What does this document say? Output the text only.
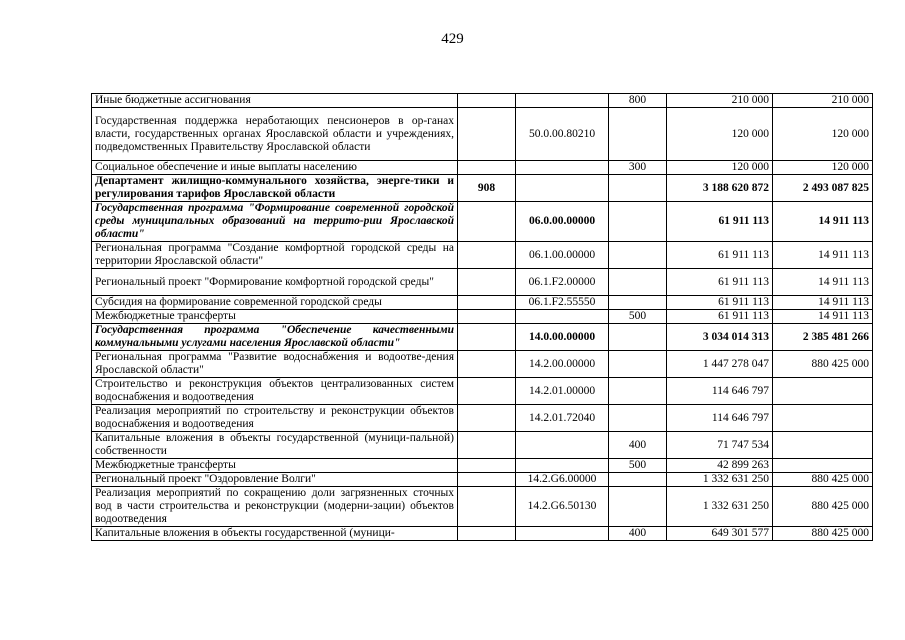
429
Иные бюджетные ассигнования			800	210 000	210 000
Государственная поддержка неработающих пенсионеров в ор-ганах власти, государственных органах Ярославской области и учреждениях, подведомственных Правительству Ярославской области		50.0.00.80210		120 000	120 000
Социальное обеспечение и иные выплаты населению			300	120 000	120 000
Департамент жилищно-коммунального хозяйства, энерге-тики и регулирования тарифов Ярославской области	908			3 188 620 872	2 493 087 825
Государственная программа "Формирование современной городской среды муниципальных образований на террито-рии Ярославской области"		06.0.00.00000		61 911 113	14 911 113
Региональная программа "Создание комфортной городской среды на территории Ярославской области"		06.1.00.00000		61 911 113	14 911 113
Региональный проект "Формирование комфортной городской среды"		06.1.F2.00000		61 911 113	14 911 113
Субсидия на формирование современной городской среды		06.1.F2.55550		61 911 113	14 911 113
Межбюджетные трансферты			500	61 911 113	14 911 113
Государственная программа "Обеспечение качественными коммунальными услугами населения Ярославской области"		14.0.00.00000		3 034 014 313	2 385 481 266
Региональная программа "Развитие водоснабжения и водоотве-дения Ярославской области"		14.2.00.00000		1 447 278 047	880 425 000
Строительство и реконструкция объектов централизованных систем водоснабжения и водоотведения		14.2.01.00000		114 646 797	
Реализация мероприятий по строительству и реконструкции объектов водоснабжения и водоотведения		14.2.01.72040		114 646 797	
Капитальные вложения в объекты государственной (муници-пальной) собственности			400	71 747 534	
Межбюджетные трансферты			500	42 899 263	
Региональный проект "Оздоровление Волги"		14.2.G6.00000		1 332 631 250	880 425 000
Реализация мероприятий по сокращению доли загрязненных сточных вод в части строительства и реконструкции (модерни-зации) объектов водоотведения		14.2.G6.50130		1 332 631 250	880 425 000
Капитальные вложения в объекты государственной (муници-			400	649 301 577	880 425 000
